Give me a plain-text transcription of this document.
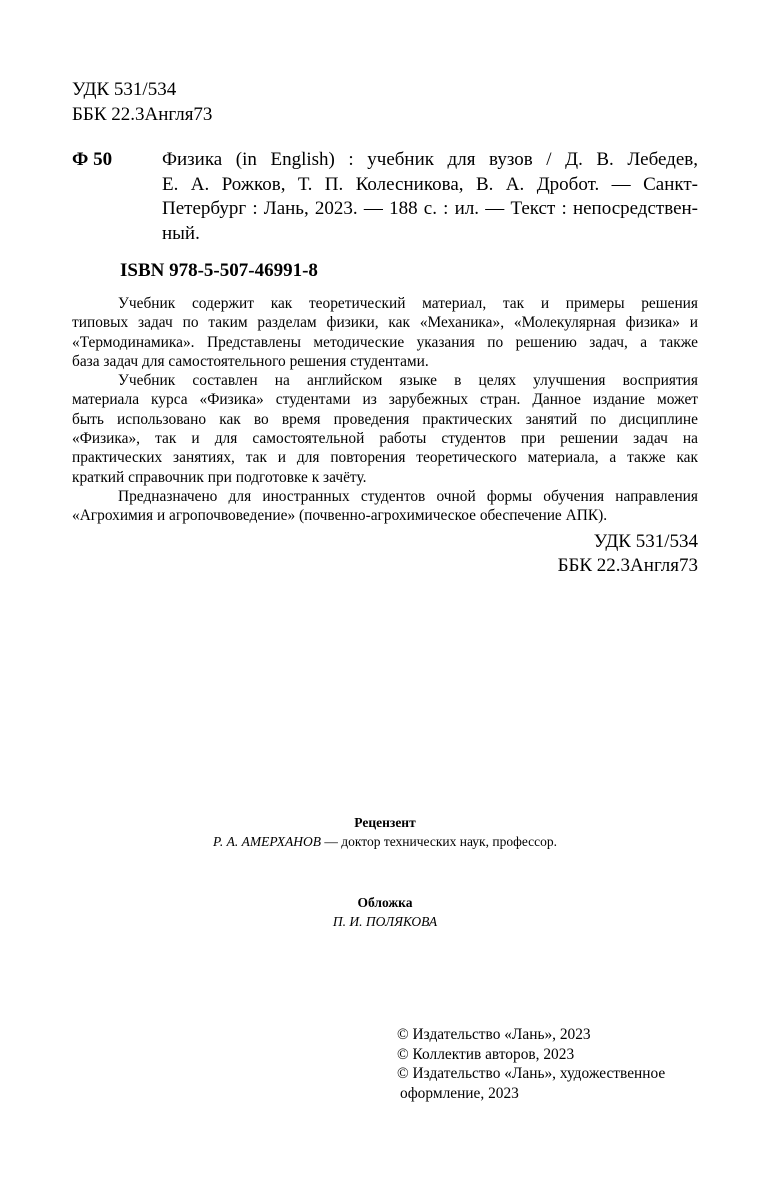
УДК 531/534
ББК 22.3Англя73
Ф 50	Физика (in English) : учебник для вузов / Д. В. Лебедев,
Е. А. Рожков, Т. П. Колесникова, В. А. Дробот. — Санкт-
Петербург : Лань, 2023. — 188 с. : ил. — Текст : непосредствен-
ный.
ISBN 978-5-507-46991-8

Учебник содержит как теоретический материал, так и примеры решения

типовых задач по таким разделам физики, как «Механика», «Молекулярная физика» и
«Термодинамика». Представлены методические указания по решению задач, а также
база задач для самостоятельного решения студентами.

Учебник составлен на английском языке в целях улучшения восприятия

материала курса «Физика» студентами из зарубежных стран. Данное издание может
быть использовано как во время проведения практических занятий по дисциплине
«Физика», так и для самостоятельной работы студентов при решении задач на
практических занятиях, так и для повторения теоретического материала, а также как
краткий справочник при подготовке к зачёту.

Предназначено для иностранных студентов очной формы обучения направления

«Агрохимия и агропочвоведение» (почвенно-агрохимическое обеспечение АПК).
УДК 531/534
ББК 22.3Англя73
Рецензент
Р. А. АМЕРХАНОВ — доктор технических наук, профессор.
Обложка
П. И. ПОЛЯКОВА
© Издательство «Лань», 2023
© Коллектив авторов, 2023
© Издательство «Лань», художественное
оформление, 2023
